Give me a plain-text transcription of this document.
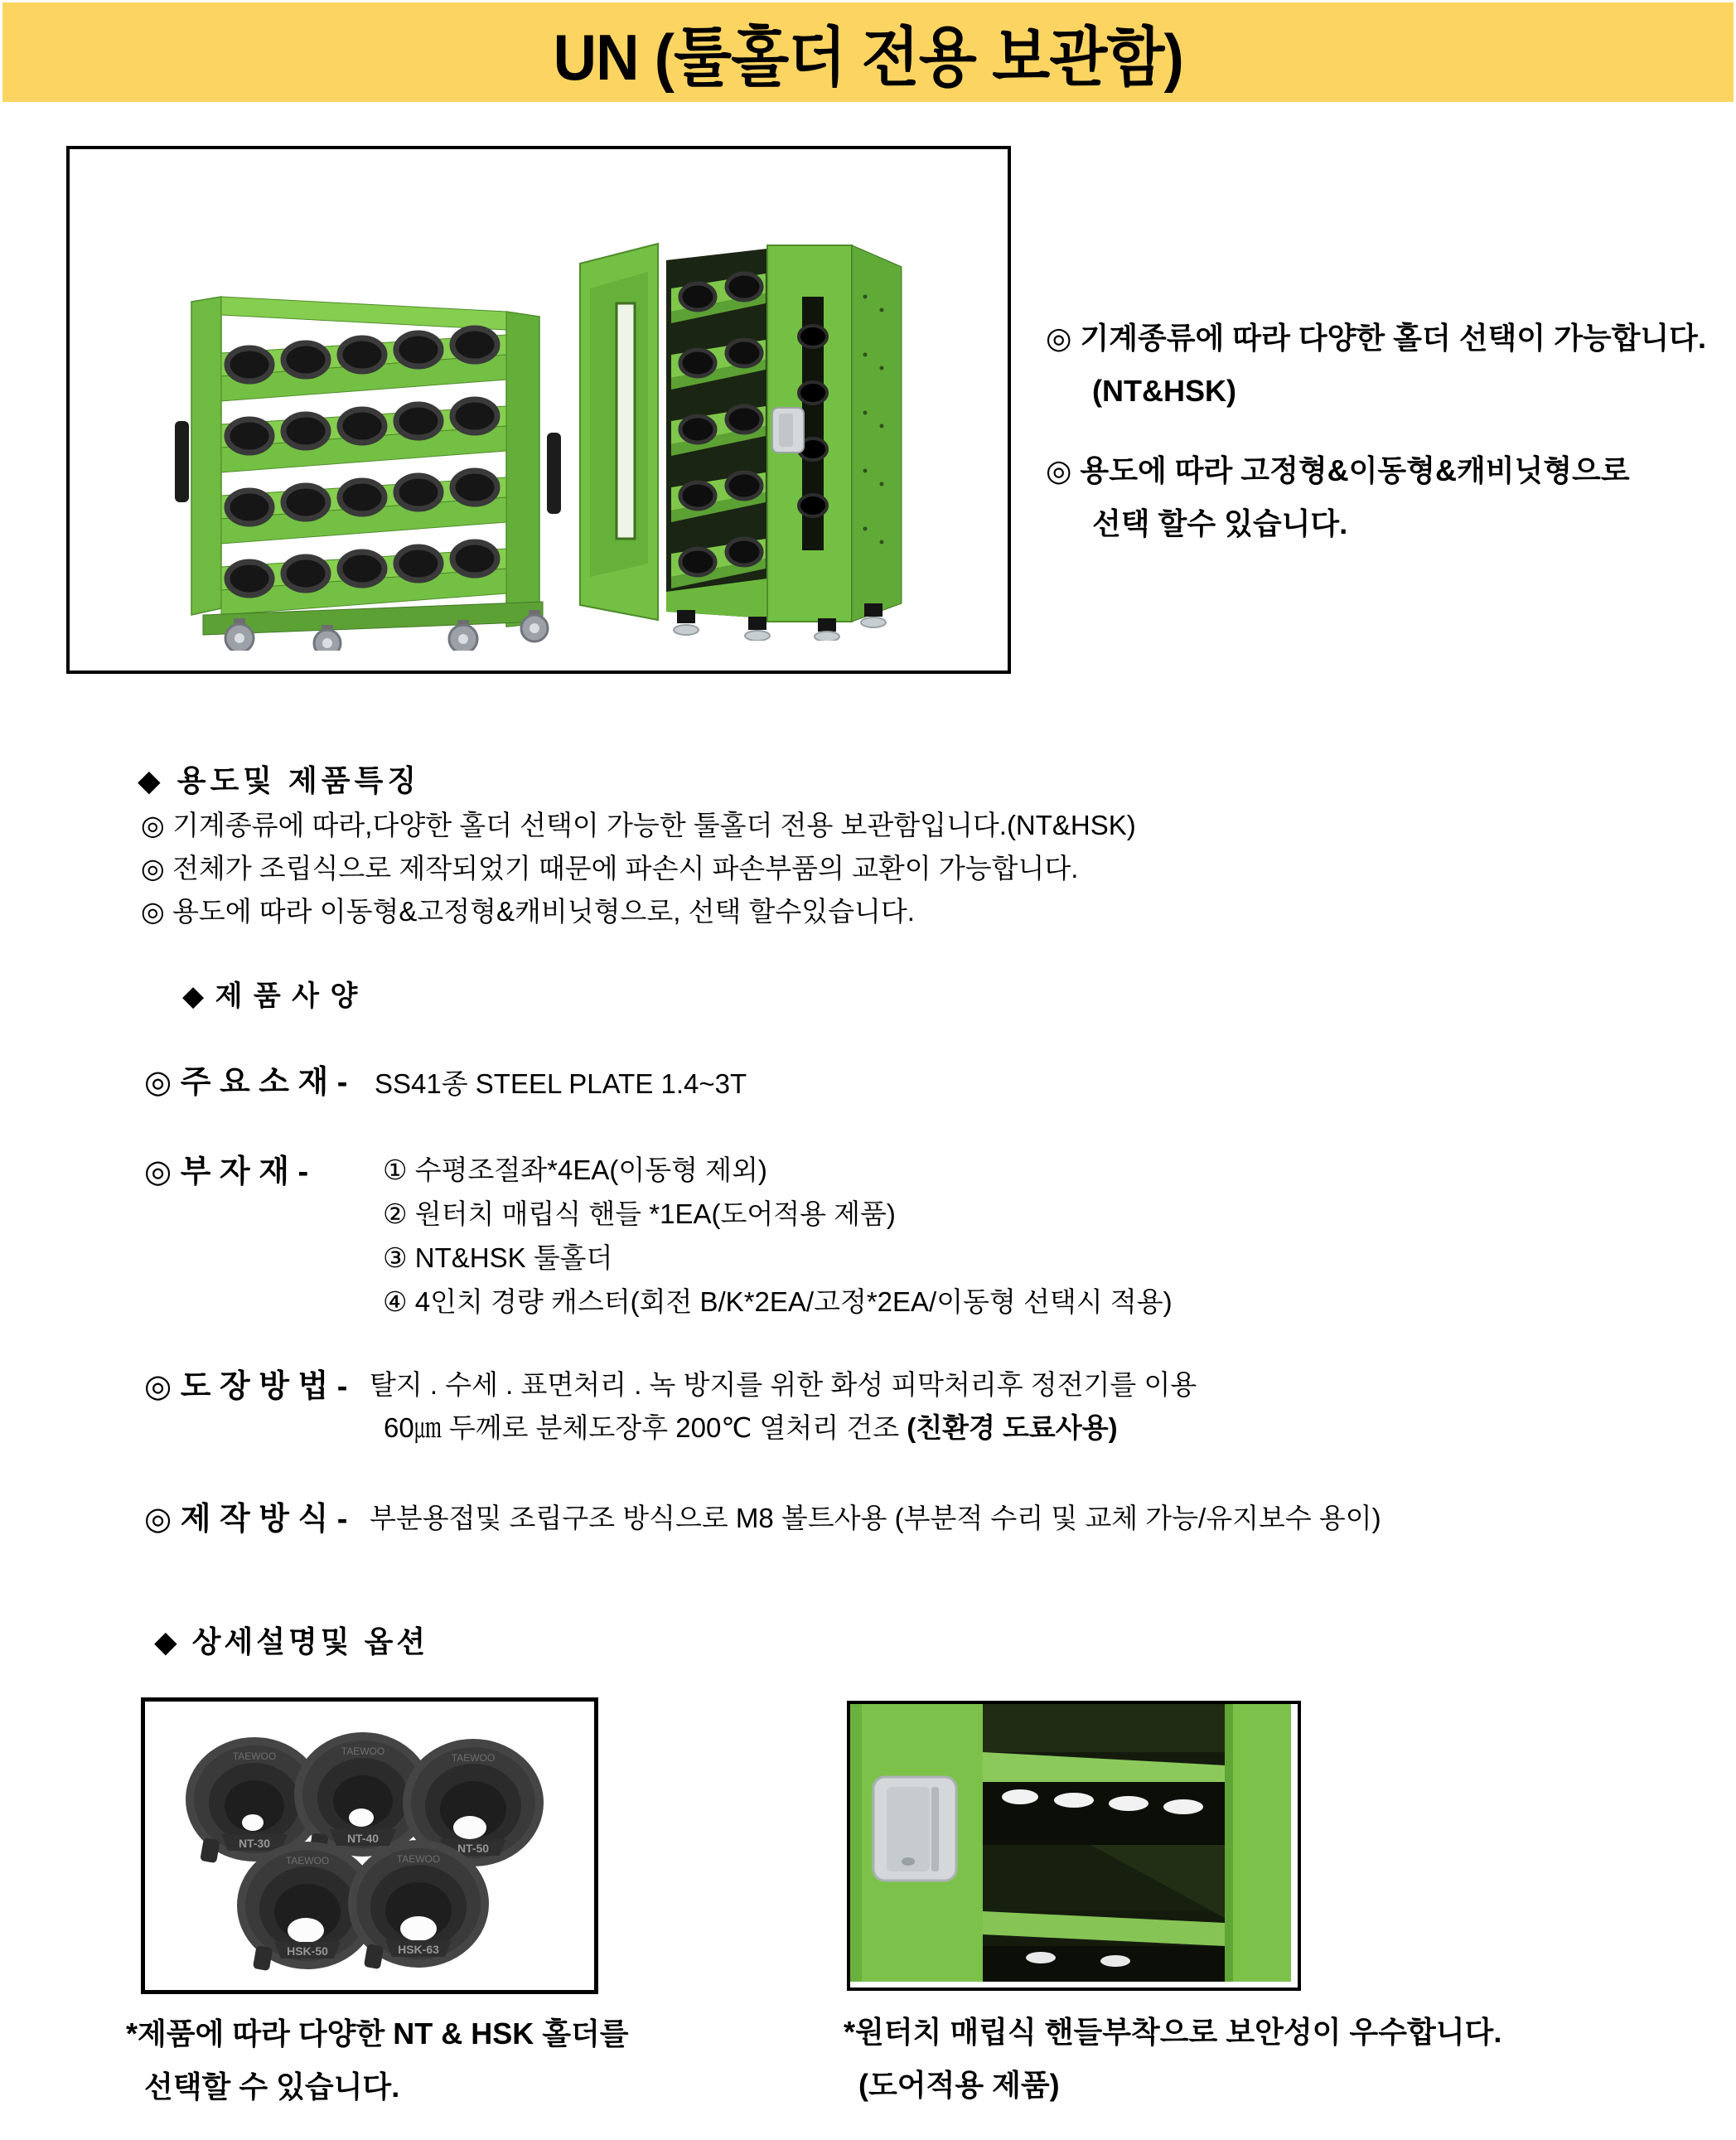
UN (툴홀더 전용 보관함)
◎ 기계종류에 따라 다양한 홀더 선택이 가능합니다.
(NT&HSK)
◎ 용도에 따라 고정형&이동형&캐비닛형으로
선택 할수 있습니다.
◆ 용도및 제품특징
◎ 기계종류에 따라,다양한 홀더 선택이 가능한 툴홀더 전용 보관함입니다.(NT&HSK)
◎ 전체가 조립식으로 제작되었기 때문에 파손시 파손부품의 교환이 가능합니다.
◎ 용도에 따라 이동형&고정형&캐비닛형으로, 선택 할수있습니다.
◆ 제 품 사 양
◎ 주 요 소 재 - SS41종 STEEL PLATE 1.4~3T
◎ 부 자 재 -	① 수평조절좌*4EA(이동형 제외)
② 원터치 매립식 핸들 *1EA(도어적용 제품)
③ NT&HSK 툴홀더
④ 4인치 경량 캐스터(회전 B/K*2EA/고정*2EA/이동형 선택시 적용)
◎ 도 장 방 법 - 탈지 . 수세 . 표면처리 . 녹 방지를 위한 화성 피막처리후 정전기를 이용
60㎛ 두께로 분체도장후 200℃ 열처리 건조 (친환경 도료사용)
◎ 제 작 방 식 - 부분용접및 조립구조 방식으로 M8 볼트사용 (부분적 수리 및 교체 가능/유지보수 용이)
◆ 상세설명및 옵션
TAEWOO
NT-30
TAEWOO
NT-40
TAEWOO
NT-50
TAEWOO
HSK-50
TAEWOO
HSK-63
*제품에 따라 다양한 NT & HSK 홀더를
선택할 수 있습니다.
*원터치 매립식 핸들부착으로 보안성이 우수합니다.
(도어적용 제품)
